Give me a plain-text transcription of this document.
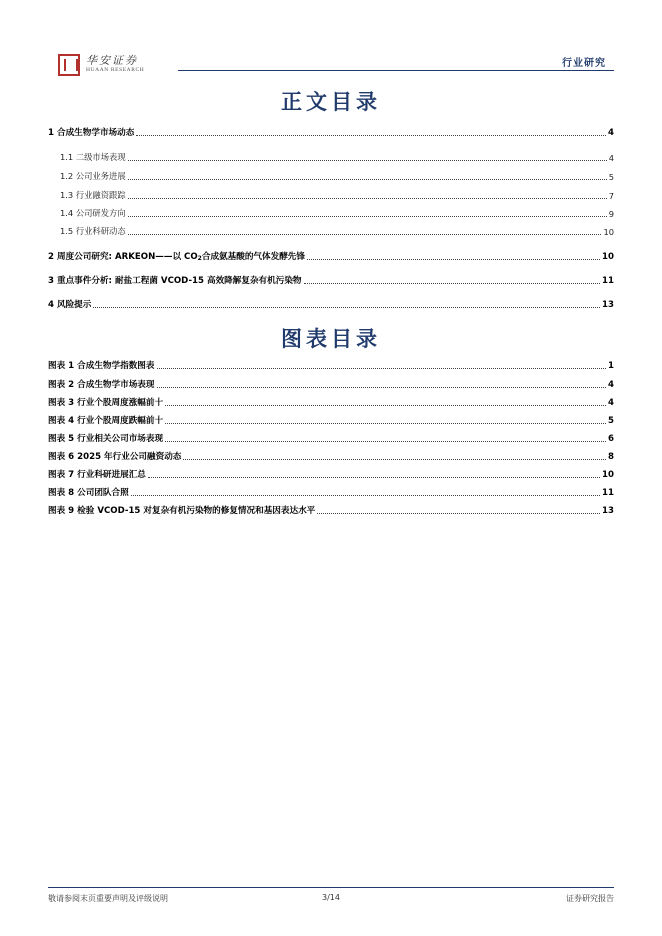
华安证券
HUAAN RESEARCH
行业研究
正文目录
1 合成生物学市场动态	4
1.1 二级市场表现	4
1.2 公司业务进展	5
1.3 行业融资跟踪	7
1.4 公司研发方向	9
1.5 行业科研动态	10
2 周度公司研究: ARKEON——以 $CO_2$合成氨基酸的气体发酵先锋	10
3 重点事件分析: 耐盐工程菌 VCOD-15 高效降解复杂有机污染物	11
4 风险提示	13
图表目录
图表 1 合成生物学指数图表	1
图表 2 合成生物学市场表现	4
图表 3 行业个股周度涨幅前十	4
图表 4 行业个股周度跌幅前十	5
图表 5 行业相关公司市场表现	6
图表 6 2025 年行业公司融资动态	8
图表 7 行业科研进展汇总	10
图表 8 公司团队合照	11
图表 9 检验 VCOD-15 对复杂有机污染物的修复情况和基因表达水平	13
敬请参阅末页重要声明及评级说明	3/14	证券研究报告
